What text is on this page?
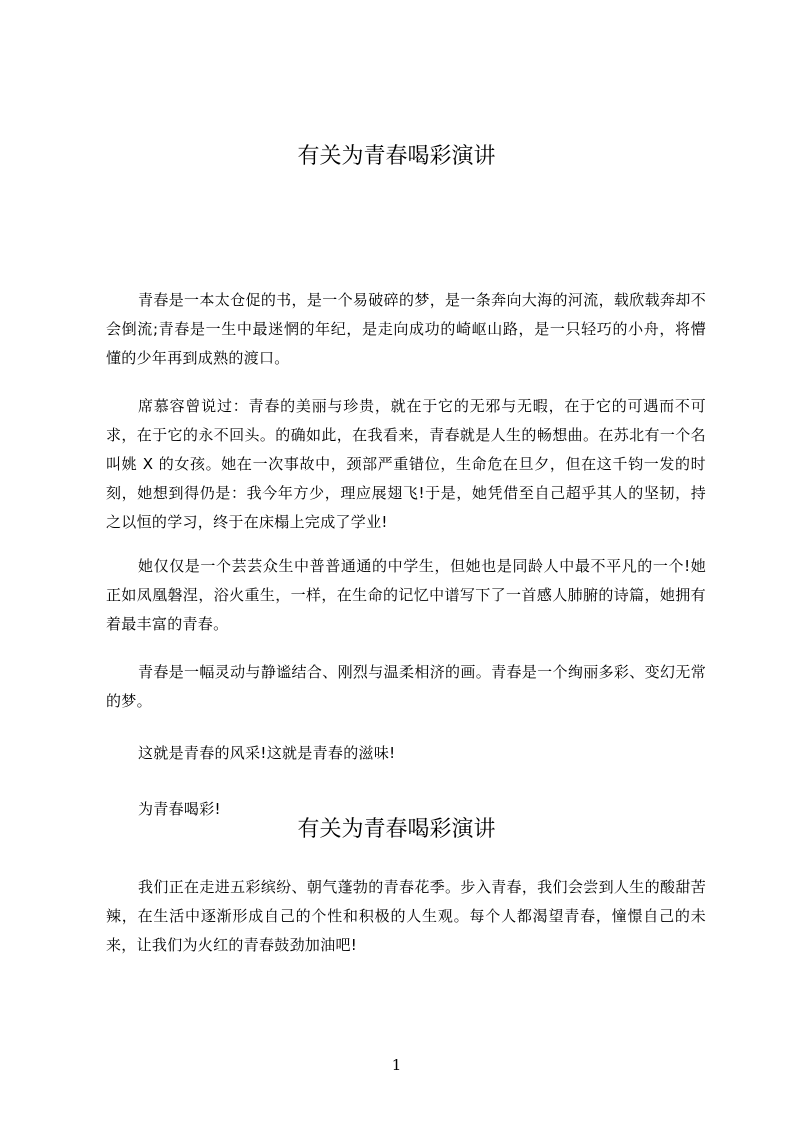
有关为青春喝彩演讲

青春是一本太仓促的书，是一个易破碎的梦，是一条奔向大海的河流，载欣载奔却不会倒流;青春是一生中最迷惘的年纪，是走向成功的崎岖山路，是一只轻巧的小舟，将懵懂的少年再到成熟的渡口。

席慕容曾说过：青春的美丽与珍贵，就在于它的无邪与无暇，在于它的可遇而不可求，在于它的永不回头。的确如此，在我看来，青春就是人生的畅想曲。在苏北有一个名叫姚 X 的女孩。她在一次事故中，颈部严重错位，生命危在旦夕，但在这千钧一发的时刻，她想到得仍是：我今年方少，理应展翅飞!于是，她凭借至自己超乎其人的坚韧，持之以恒的学习，终于在床榻上完成了学业!

她仅仅是一个芸芸众生中普普通通的中学生，但她也是同龄人中最不平凡的一个!她正如凤凰磐涅，浴火重生，一样，在生命的记忆中谱写下了一首感人肺腑的诗篇，她拥有着最丰富的青春。

青春是一幅灵动与静谧结合、刚烈与温柔相济的画。青春是一个绚丽多彩、变幻无常的梦。

这就是青春的风采!这就是青春的滋味!

为青春喝彩!

有关为青春喝彩演讲

我们正在走进五彩缤纷、朝气蓬勃的青春花季。步入青春，我们会尝到人生的酸甜苦辣，在生活中逐渐形成自己的个性和积极的人生观。每个人都渴望青春，憧憬自己的未来，让我们为火红的青春鼓劲加油吧!

1
